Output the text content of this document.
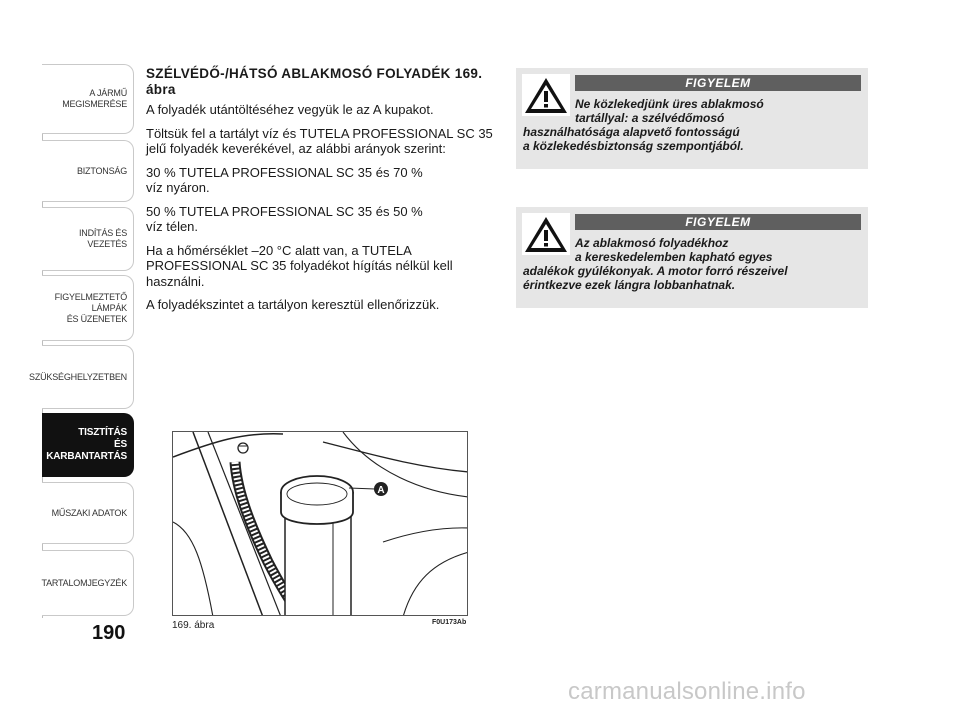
A JÁRMŰ
MEGISMERÉSE
BIZTONSÁG
INDÍTÁS ÉS VEZETÉS
FIGYELMEZTETŐ
LÁMPÁK
ÉS ÜZENETEK
SZÜKSÉGHELYZETBEN
TISZTÍTÁS
ÉS KARBANTARTÁS
MŰSZAKI ADATOK
TARTALOMJEGYZÉK
190
SZÉLVÉDŐ-/HÁTSÓ ABLAKMOSÓ FOLYADÉK 169. ábra
A folyadék utántöltéséhez vegyük le az A kupakot.
Töltsük fel a tartályt víz és TUTELA PROFESSIONAL SC 35 jelű folyadék keverékével, az alábbi arányok szerint:
30 % TUTELA PROFESSIONAL SC 35 és 70 %
víz nyáron.
50 % TUTELA PROFESSIONAL SC 35 és 50 %
víz télen.
Ha a hőmérséklet –20 °C alatt van, a TUTELA PROFESSIONAL SC 35 folyadékot hígítás nélkül kell használni.
A folyadékszintet a tartályon keresztül ellenőrizzük.
FIGYELEM
Ne közlekedjünk üres ablakmosó
tartállyal: a szélvédőmosó
használhatósága alapvető fontosságú
a közlekedésbiztonság szempontjából.
FIGYELEM
Az ablakmosó folyadékhoz
a kereskedelemben kapható egyes
adalékok gyúlékonyak. A motor forró részeivel
érintkezve ezek lángra lobbanhatnak.
A
169. ábra	F0U173Ab
carmanualsonline.info
